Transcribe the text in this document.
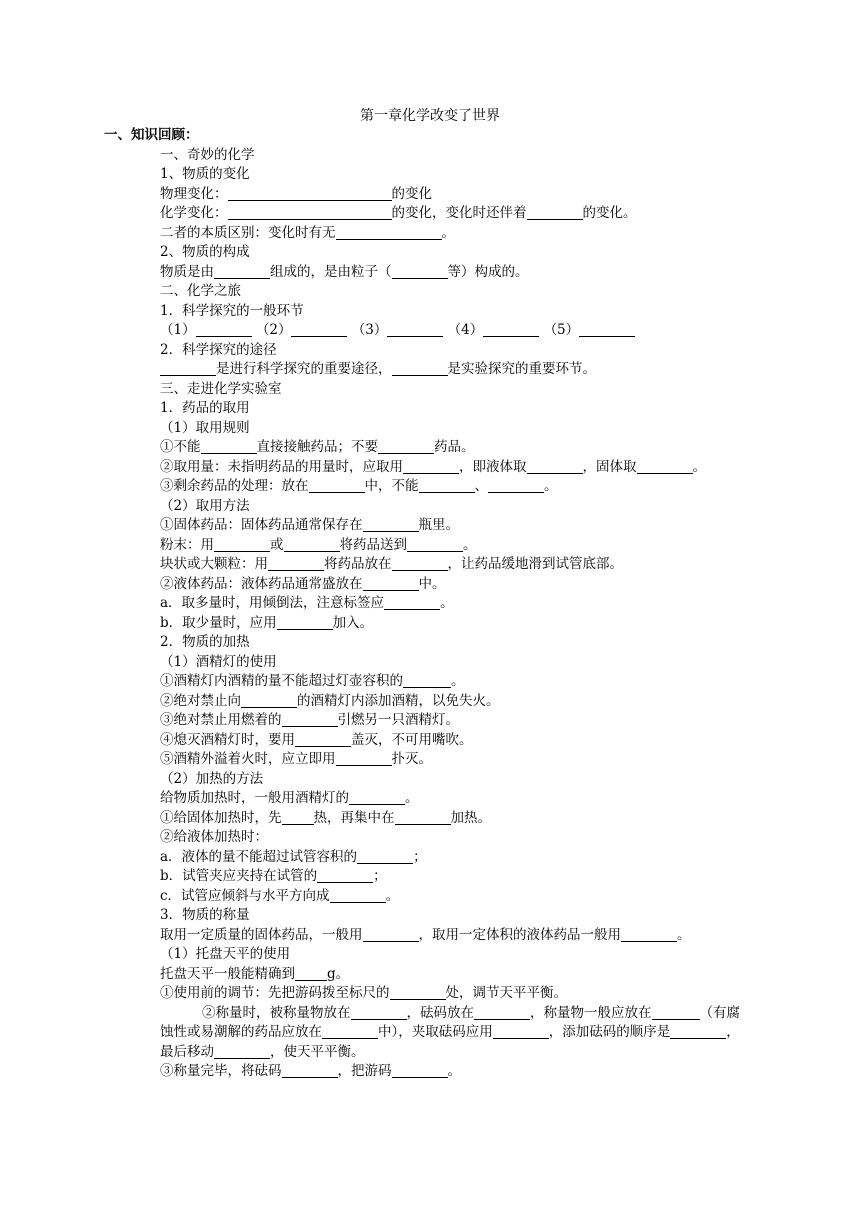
第一章化学改变了世界
一、知识回顾：
一、奇妙的化学
1、物质的变化
物理变化：	的变化
化学变化：	的变化，变化时还伴着	的变化。
二者的本质区别：变化时有无	。
2、物质的构成
物质是由	组成的，是由粒子（	等）构成的。
二、化学之旅
1．科学探究的一般环节
（1）	（2）	（3）	（4）	（5）
2．科学探究的途径
是进行科学探究的重要途径，	是实验探究的重要环节。
三、走进化学实验室
1．药品的取用
（1）取用规则
①不能	直接接触药品；不要	药品。
②取用量：未指明药品的用量时，应取用	，即液体取	，固体取	。
③剩余药品的处理：放在	中，不能	、	。
（2）取用方法
①固体药品：固体药品通常保存在	瓶里。
粉末：用	或	将药品送到	。
块状或大颗粒：用	将药品放在	，让药品缓地滑到试管底部。
②液体药品：液体药品通常盛放在	中。
a．取多量时，用倾倒法，注意标签应	。
b．取少量时，应用	加入。
2．物质的加热
（1）酒精灯的使用
①酒精灯内酒精的量不能超过灯壶容积的	。
②绝对禁止向	的酒精灯内添加酒精，以免失火。
③绝对禁止用燃着的	引燃另一只酒精灯。
④熄灭酒精灯时，要用	盖灭，不可用嘴吹。
⑤酒精外溢着火时，应立即用	扑灭。
（2）加热的方法
给物质加热时，一般用酒精灯的	。
①给固体加热时，先 热，再集中在	加热。
②给液体加热时：
a．液体的量不能超过试管容积的	；
b．试管夹应夹持在试管的	；
c．试管应倾斜与水平方向成	。
3．物质的称量
取用一定质量的固体药品，一般用	，取用一定体积的液体药品一般用	。
（1）托盘天平的使用
托盘天平一般能精确到 g。
①使用前的调节：先把游码拨至标尺的	处，调节天平平衡。
②称量时，被称量物放在	，砝码放在	，称量物一般应放在	（有腐蚀性或易潮解的药品应放在	中），夹取砝码应用	，添加砝码的顺序是	，最后移动	，使天平平衡。
③称量完毕，将砝码	，把游码	。
